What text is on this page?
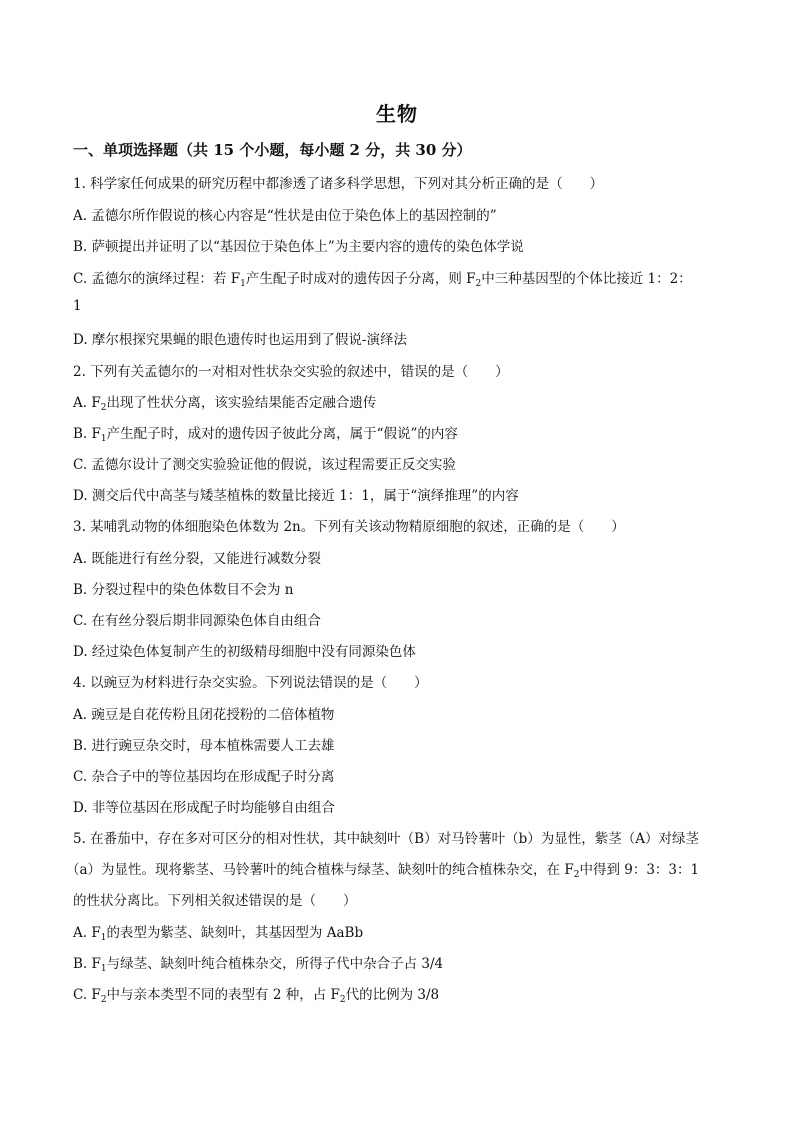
生物
一、单项选择题（共 15 个小题，每小题 2 分，共 30 分）
1. 科学家任何成果的研究历程中都渗透了诸多科学思想，下列对其分析正确的是（　　）
A. 孟德尔所作假说的核心内容是“性状是由位于染色体上的基因控制的”
B. 萨顿提出并证明了以“基因位于染色体上”为主要内容的遗传的染色体学说
C. 孟德尔的演绎过程：若 $F_1$产生配子时成对的遗传因子分离，则 $F_2$中三种基因型的个体比接近 1：2：
1
D. 摩尔根探究果蝇的眼色遗传时也运用到了假说-演绎法
2. 下列有关孟德尔的一对相对性状杂交实验的叙述中，错误的是（　　）
A. $F_2$出现了性状分离，该实验结果能否定融合遗传
B. $F_1$产生配子时，成对的遗传因子彼此分离，属于“假说”的内容
C. 孟德尔设计了测交实验验证他的假说，该过程需要正反交实验
D. 测交后代中高茎与矮茎植株的数量比接近 1：1，属于“演绎推理”的内容
3. 某哺乳动物的体细胞染色体数为 2n。下列有关该动物精原细胞的叙述，正确的是（　　）
A. 既能进行有丝分裂，又能进行减数分裂
B. 分裂过程中的染色体数目不会为 n
C. 在有丝分裂后期非同源染色体自由组合
D. 经过染色体复制产生的初级精母细胞中没有同源染色体
4. 以豌豆为材料进行杂交实验。下列说法错误的是（　　）
A. 豌豆是自花传粉且闭花授粉的二倍体植物
B. 进行豌豆杂交时，母本植株需要人工去雄
C. 杂合子中的等位基因均在形成配子时分离
D. 非等位基因在形成配子时均能够自由组合
5. 在番茄中，存在多对可区分的相对性状，其中缺刻叶（B）对马铃薯叶（b）为显性，紫茎（A）对绿茎
（a）为显性。现将紫茎、马铃薯叶的纯合植株与绿茎、缺刻叶的纯合植株杂交，在 $F_2$中得到 9：3：3：1
的性状分离比。下列相关叙述错误的是（　　）
A. $F_1$的表型为紫茎、缺刻叶，其基因型为 AaBb
B. $F_1$与绿茎、缺刻叶纯合植株杂交，所得子代中杂合子占 3/4
C. $F_2$中与亲本类型不同的表型有 2 种，占 $F_2$代的比例为 3/8
